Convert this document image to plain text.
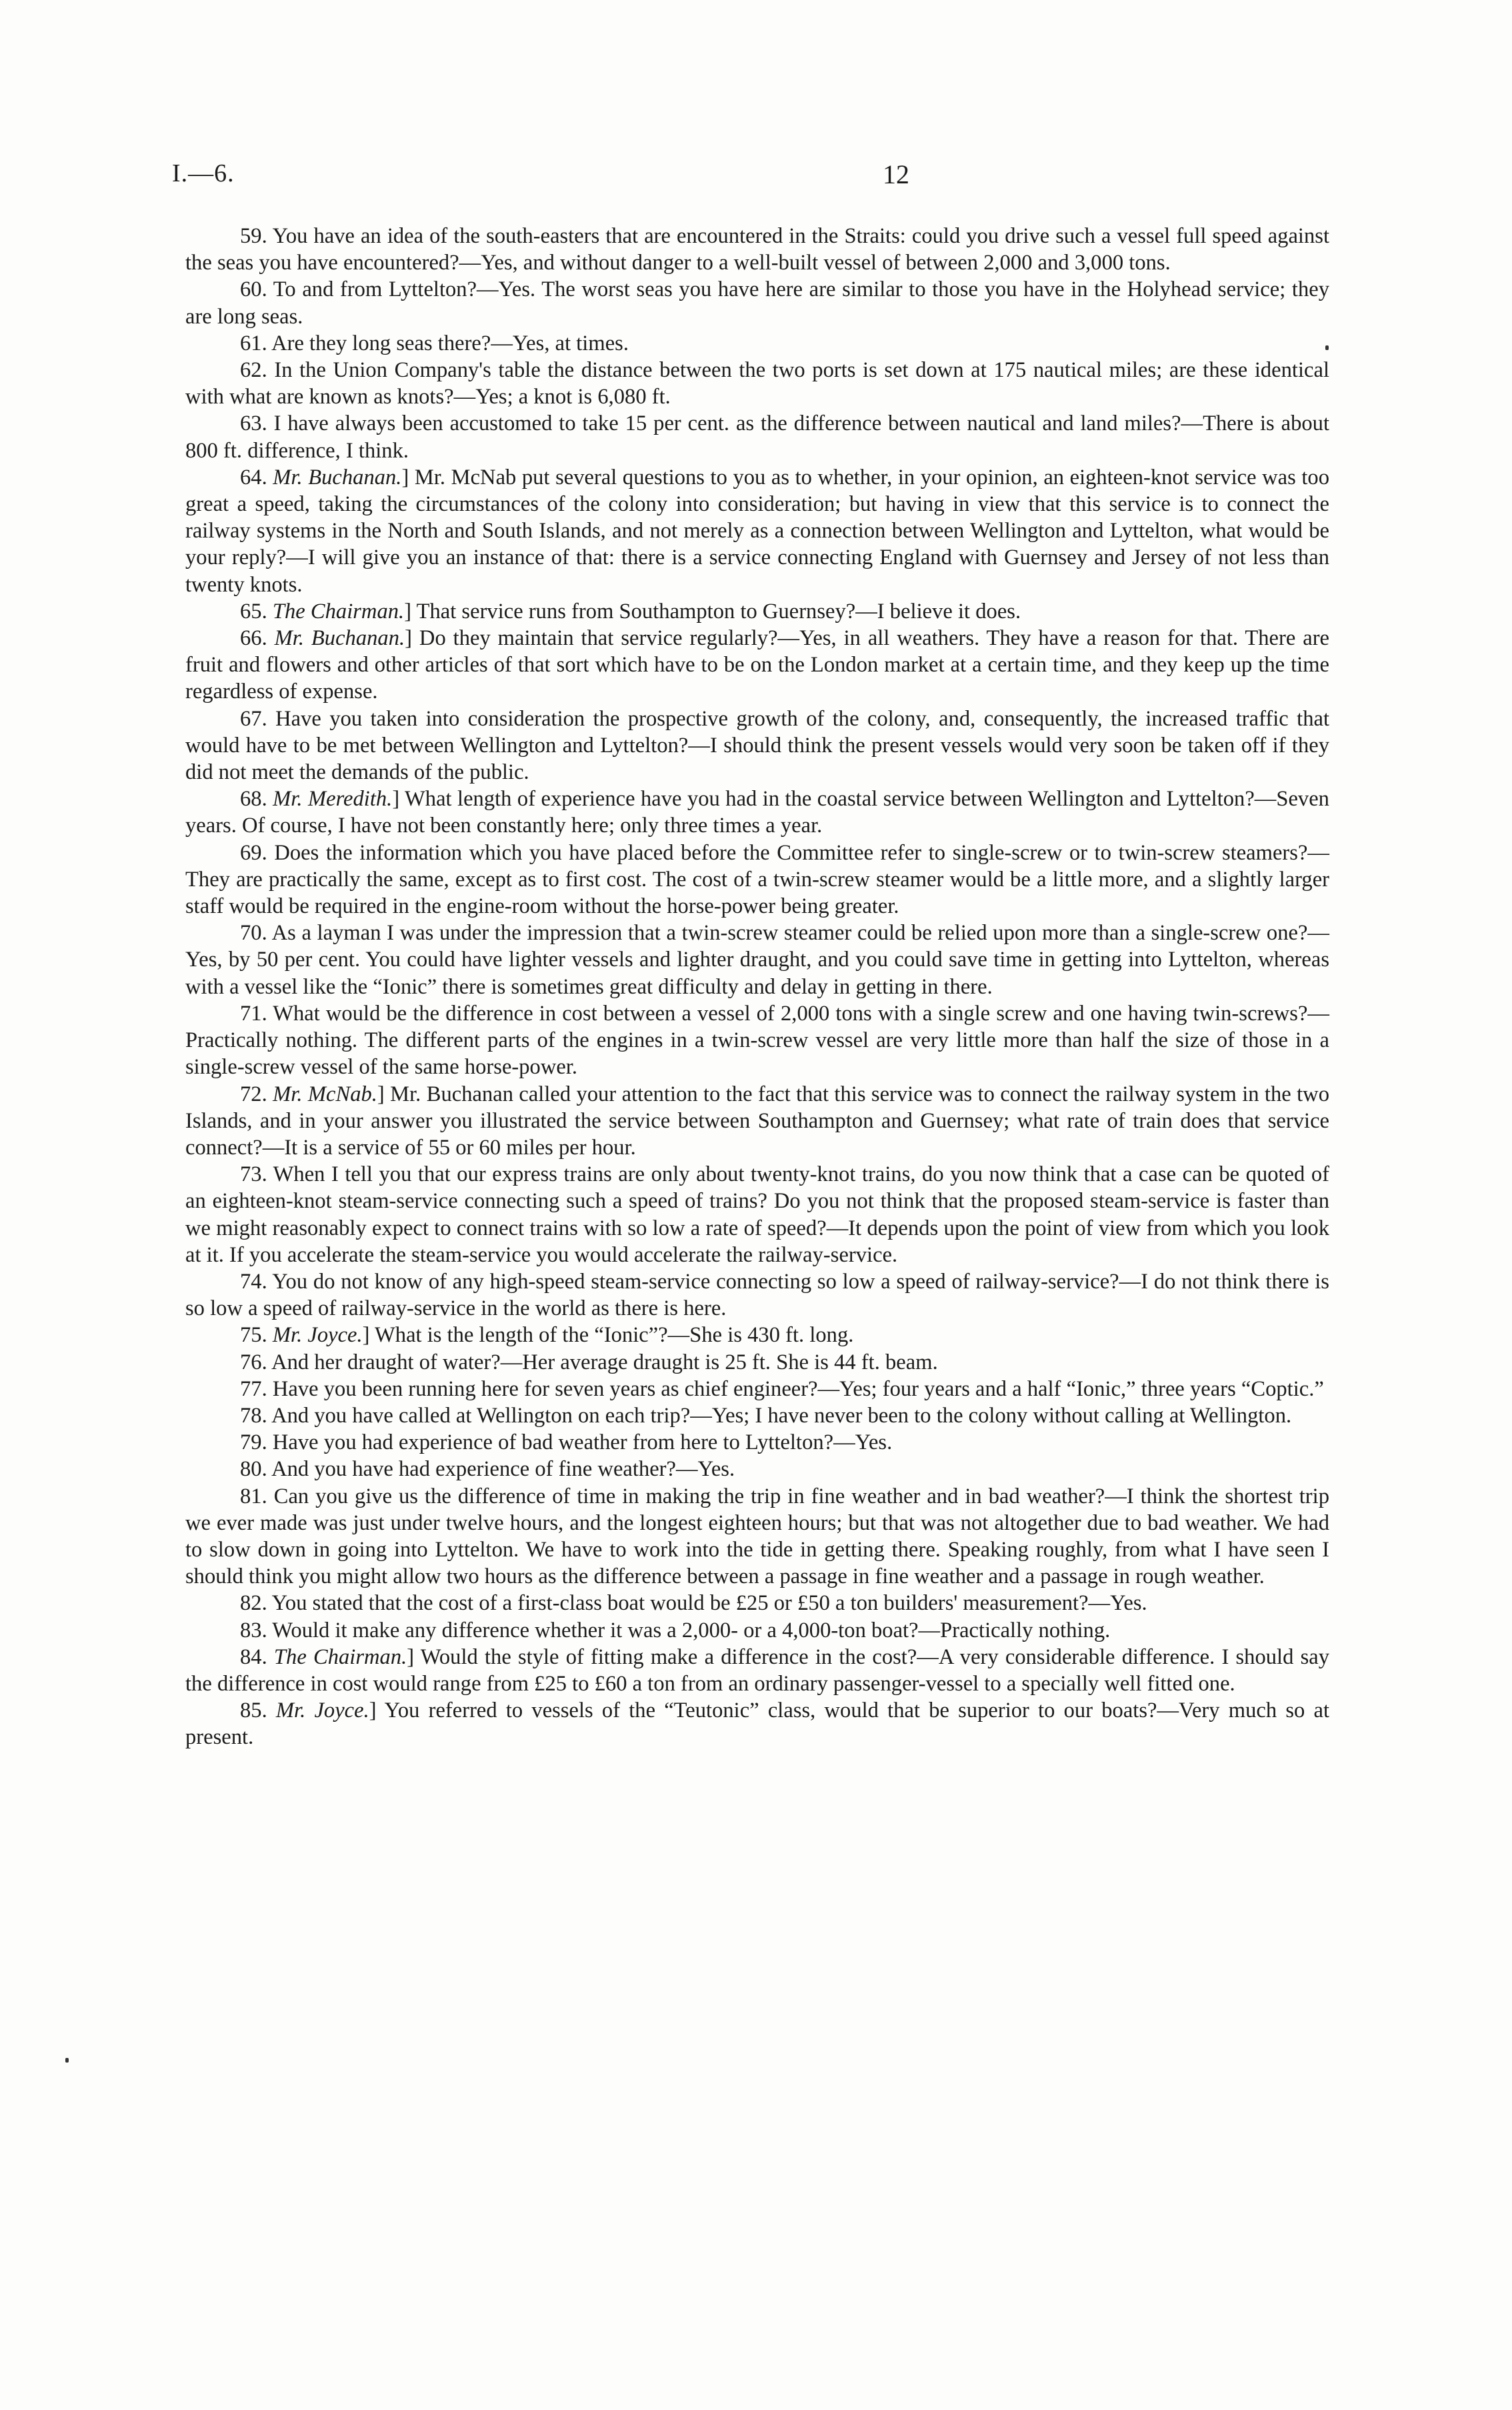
I.—6.	12

59. You have an idea of the south-easters that are encountered in the Straits: could you drive such a vessel full speed against the seas you have encountered?—Yes, and without danger to a well-built vessel of between 2,000 and 3,000 tons.

60. To and from Lyttelton?—Yes. The worst seas you have here are similar to those you have in the Holyhead service; they are long seas.

61. Are they long seas there?—Yes, at times.

62. In the Union Company's table the distance between the two ports is set down at 175 nautical miles; are these identical with what are known as knots?—Yes; a knot is 6,080 ft.

63. I have always been accustomed to take 15 per cent. as the difference between nautical and land miles?—There is about 800 ft. difference, I think.

64. Mr. Buchanan.] Mr. McNab put several questions to you as to whether, in your opinion, an eighteen-knot service was too great a speed, taking the circumstances of the colony into consideration; but having in view that this service is to connect the railway systems in the North and South Islands, and not merely as a connection between Wellington and Lyttelton, what would be your reply?—I will give you an instance of that: there is a service connecting England with Guernsey and Jersey of not less than twenty knots.

65. The Chairman.] That service runs from Southampton to Guernsey?—I believe it does.

66. Mr. Buchanan.] Do they maintain that service regularly?—Yes, in all weathers. They have a reason for that. There are fruit and flowers and other articles of that sort which have to be on the London market at a certain time, and they keep up the time regardless of expense.

67. Have you taken into consideration the prospective growth of the colony, and, consequently, the increased traffic that would have to be met between Wellington and Lyttelton?—I should think the present vessels would very soon be taken off if they did not meet the demands of the public.

68. Mr. Meredith.] What length of experience have you had in the coastal service between Wellington and Lyttelton?—Seven years. Of course, I have not been constantly here; only three times a year.

69. Does the information which you have placed before the Committee refer to single-screw or to twin-screw steamers?—They are practically the same, except as to first cost. The cost of a twin-screw steamer would be a little more, and a slightly larger staff would be required in the engine-room without the horse-power being greater.

70. As a layman I was under the impression that a twin-screw steamer could be relied upon more than a single-screw one?—Yes, by 50 per cent. You could have lighter vessels and lighter draught, and you could save time in getting into Lyttelton, whereas with a vessel like the “Ionic” there is sometimes great difficulty and delay in getting in there.

71. What would be the difference in cost between a vessel of 2,000 tons with a single screw and one having twin-screws?—Practically nothing. The different parts of the engines in a twin-screw vessel are very little more than half the size of those in a single-screw vessel of the same horse-power.

72. Mr. McNab.] Mr. Buchanan called your attention to the fact that this service was to connect the railway system in the two Islands, and in your answer you illustrated the service between Southampton and Guernsey; what rate of train does that service connect?—It is a service of 55 or 60 miles per hour.

73. When I tell you that our express trains are only about twenty-knot trains, do you now think that a case can be quoted of an eighteen-knot steam-service connecting such a speed of trains? Do you not think that the proposed steam-service is faster than we might reasonably expect to connect trains with so low a rate of speed?—It depends upon the point of view from which you look at it. If you accelerate the steam-service you would accelerate the railway-service.

74. You do not know of any high-speed steam-service connecting so low a speed of railway-service?—I do not think there is so low a speed of railway-service in the world as there is here.

75. Mr. Joyce.] What is the length of the “Ionic”?—She is 430 ft. long.

76. And her draught of water?—Her average draught is 25 ft. She is 44 ft. beam.

77. Have you been running here for seven years as chief engineer?—Yes; four years and a half “Ionic,” three years “Coptic.”

78. And you have called at Wellington on each trip?—Yes; I have never been to the colony without calling at Wellington.

79. Have you had experience of bad weather from here to Lyttelton?—Yes.

80. And you have had experience of fine weather?—Yes.

81. Can you give us the difference of time in making the trip in fine weather and in bad weather?—I think the shortest trip we ever made was just under twelve hours, and the longest eighteen hours; but that was not altogether due to bad weather. We had to slow down in going into Lyttelton. We have to work into the tide in getting there. Speaking roughly, from what I have seen I should think you might allow two hours as the difference between a passage in fine weather and a passage in rough weather.

82. You stated that the cost of a first-class boat would be £25 or £50 a ton builders' measurement?—Yes.

83. Would it make any difference whether it was a 2,000- or a 4,000-ton boat?—Practically nothing.

84. The Chairman.] Would the style of fitting make a difference in the cost?—A very considerable difference. I should say the difference in cost would range from £25 to £60 a ton from an ordinary passenger-vessel to a specially well fitted one.

85. Mr. Joyce.] You referred to vessels of the “Teutonic” class, would that be superior to our boats?—Very much so at present.
